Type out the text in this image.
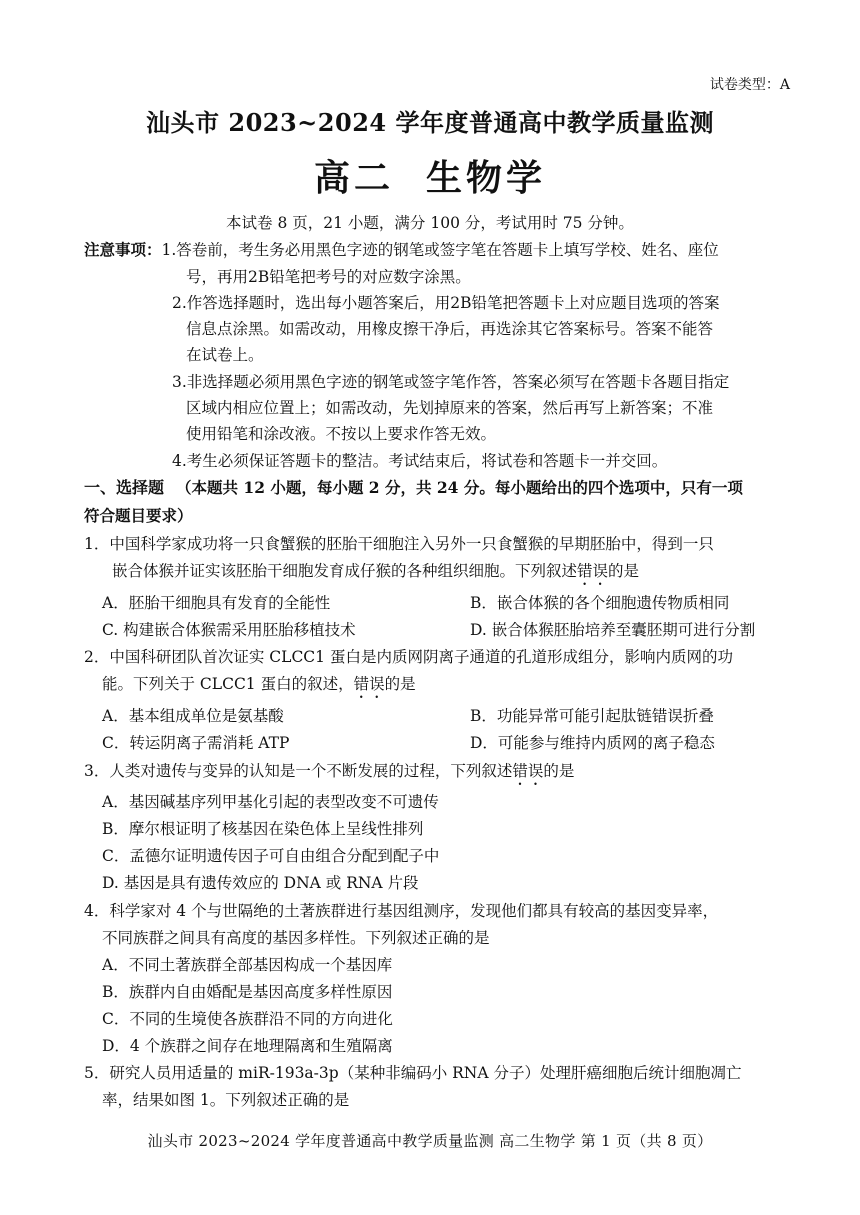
试卷类型：A
汕头市 2023~2024 学年度普通高中教学质量监测
高二 生物学
本试卷 8 页，21 小题，满分 100 分，考试用时 75 分钟。
注意事项：1.答卷前，考生务必用黑色字迹的钢笔或签字笔在答题卡上填写学校、姓名、座位
号，再用2B铅笔把考号的对应数字涂黑。
2.作答选择题时，选出每小题答案后，用2B铅笔把答题卡上对应题目选项的答案
信息点涂黑。如需改动，用橡皮擦干净后，再选涂其它答案标号。答案不能答
在试卷上。
3.非选择题必须用黑色字迹的钢笔或签字笔作答，答案必须写在答题卡各题目指定
区域内相应位置上；如需改动，先划掉原来的答案，然后再写上新答案；不准
使用铅笔和涂改液。不按以上要求作答无效。
4.考生必须保证答题卡的整洁。考试结束后，将试卷和答题卡一并交回。
一、选择题 （本题共 12 小题，每小题 2 分，共 24 分。每小题给出的四个选项中，只有一项
符合题目要求）
1．中国科学家成功将一只食蟹猴的胚胎干细胞注入另外一只食蟹猴的早期胚胎中，得到一只
嵌合体猴并证实该胚胎干细胞发育成仔猴的各种组织细胞。下列叙述错误的是
A．胚胎干细胞具有发育的全能性	B．嵌合体猴的各个细胞遗传物质相同
C. 构建嵌合体猴需采用胚胎移植技术	D. 嵌合体猴胚胎培养至囊胚期可进行分割
2．中国科研团队首次证实 CLCC1 蛋白是内质网阴离子通道的孔道形成组分，影响内质网的功
能。下列关于 CLCC1 蛋白的叙述，错误的是
A．基本组成单位是氨基酸	B．功能异常可能引起肽链错误折叠
C．转运阴离子需消耗 ATP	D．可能参与维持内质网的离子稳态
3．人类对遗传与变异的认知是一个不断发展的过程，下列叙述错误的是
A．基因碱基序列甲基化引起的表型改变不可遗传
B．摩尔根证明了核基因在染色体上呈线性排列
C．孟德尔证明遗传因子可自由组合分配到配子中
D. 基因是具有遗传效应的 DNA 或 RNA 片段
4．科学家对 4 个与世隔绝的土著族群进行基因组测序，发现他们都具有较高的基因变异率，
不同族群之间具有高度的基因多样性。下列叙述正确的是
A．不同土著族群全部基因构成一个基因库
B．族群内自由婚配是基因高度多样性原因
C．不同的生境使各族群沿不同的方向进化
D．4 个族群之间存在地理隔离和生殖隔离
5．研究人员用适量的 miR-193a-3p（某种非编码小 RNA 分子）处理肝癌细胞后统计细胞凋亡
率，结果如图 1。下列叙述正确的是
汕头市 2023~2024 学年度普通高中教学质量监测 高二生物学 第 1 页（共 8 页）
